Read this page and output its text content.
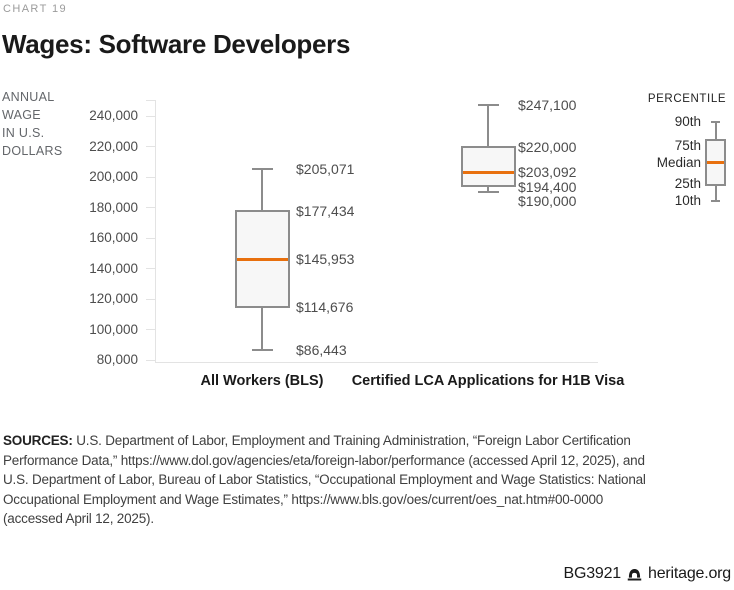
CHART 19
Wages: Software Developers
ANNUAL
WAGE
IN U.S.
DOLLARS
240,000
220,000
200,000
180,000
160,000
140,000
120,000
100,000
80,000
$205,071
$177,434
$145,953
$114,676
$86,443
All Workers (BLS)
$247,100
$220,000
$203,092
$194,400
$190,000
Certified LCA Applications for H1B Visa
PERCENTILE
90th
75th
Median
25th
10th
SOURCES: U.S. Department of Labor, Employment and Training Administration, “Foreign Labor Certification
Performance Data,” https://www.dol.gov/agencies/eta/foreign-labor/performance (accessed April 12, 2025), and
U.S. Department of Labor, Bureau of Labor Statistics, “Occupational Employment and Wage Statistics: National
Occupational Employment and Wage Estimates,” https://www.bls.gov/oes/current/oes_nat.htm#00-0000
(accessed April 12, 2025).
BG3921 heritage.org
